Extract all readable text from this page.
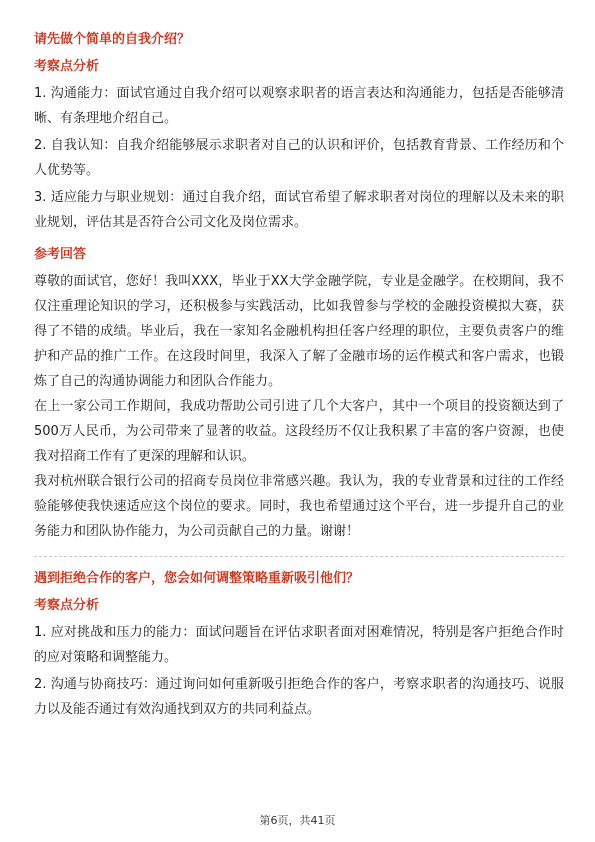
请先做个简单的自我介绍？
考察点分析

1. 沟通能力：面试官通过自我介绍可以观察求职者的语言表达和沟通能力，包括是否能够清晰、有条理地介绍自己。

2. 自我认知：自我介绍能够展示求职者对自己的认识和评价，包括教育背景、工作经历和个人优势等。

3. 适应能力与职业规划：通过自我介绍，面试官希望了解求职者对岗位的理解以及未来的职业规划，评估其是否符合公司文化及岗位需求。

参考回答

尊敬的面试官，您好！我叫XXX，毕业于XX大学金融学院，专业是金融学。在校期间，我不仅注重理论知识的学习，还积极参与实践活动，比如我曾参与学校的金融投资模拟大赛，获得了不错的成绩。毕业后，我在一家知名金融机构担任客户经理的职位，主要负责客户的维护和产品的推广工作。在这段时间里，我深入了解了金融市场的运作模式和客户需求，也锻炼了自己的沟通协调能力和团队合作能力。

在上一家公司工作期间，我成功帮助公司引进了几个大客户，其中一个项目的投资额达到了500万人民币，为公司带来了显著的收益。这段经历不仅让我积累了丰富的客户资源，也使我对招商工作有了更深的理解和认识。

我对杭州联合银行公司的招商专员岗位非常感兴趣。我认为，我的专业背景和过往的工作经验能够使我快速适应这个岗位的要求。同时，我也希望通过这个平台，进一步提升自己的业务能力和团队协作能力，为公司贡献自己的力量。谢谢！

遇到拒绝合作的客户，您会如何调整策略重新吸引他们？
考察点分析

1. 应对挑战和压力的能力：面试问题旨在评估求职者面对困难情况，特别是客户拒绝合作时的应对策略和调整能力。

2. 沟通与协商技巧：通过询问如何重新吸引拒绝合作的客户，考察求职者的沟通技巧、说服力以及能否通过有效沟通找到双方的共同利益点。

第6页，共41页
